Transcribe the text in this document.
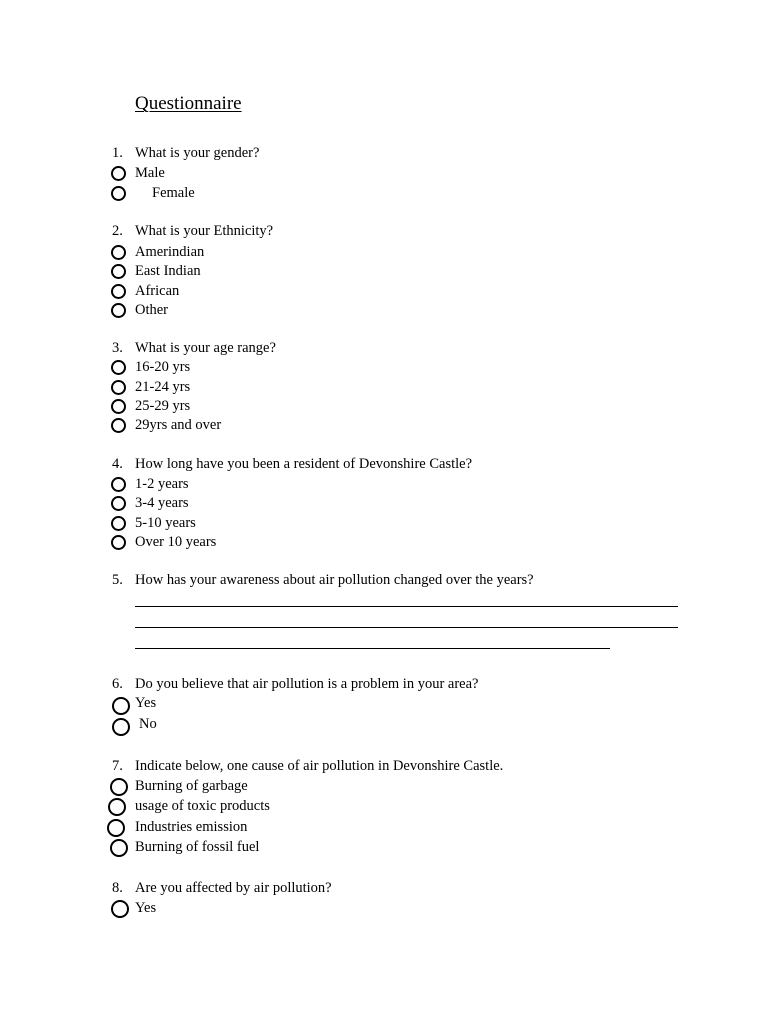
Questionnaire
1. What is your gender?
Male
Female
2. What is your Ethnicity?
Amerindian
East Indian
African
Other
3. What is your age range?
16-20 yrs
21-24 yrs
25-29 yrs
29yrs and over
4. How long have you been a resident of Devonshire Castle?
1-2 years
3-4 years
5-10 years
Over 10 years
5. How has your awareness about air pollution changed over the years?
6. Do you believe that air pollution is a problem in your area?
Yes
No
7. Indicate below, one cause of air pollution in Devonshire Castle.
Burning of garbage
usage of toxic products
Industries emission
Burning of fossil fuel
8. Are you affected by air pollution?
Yes
